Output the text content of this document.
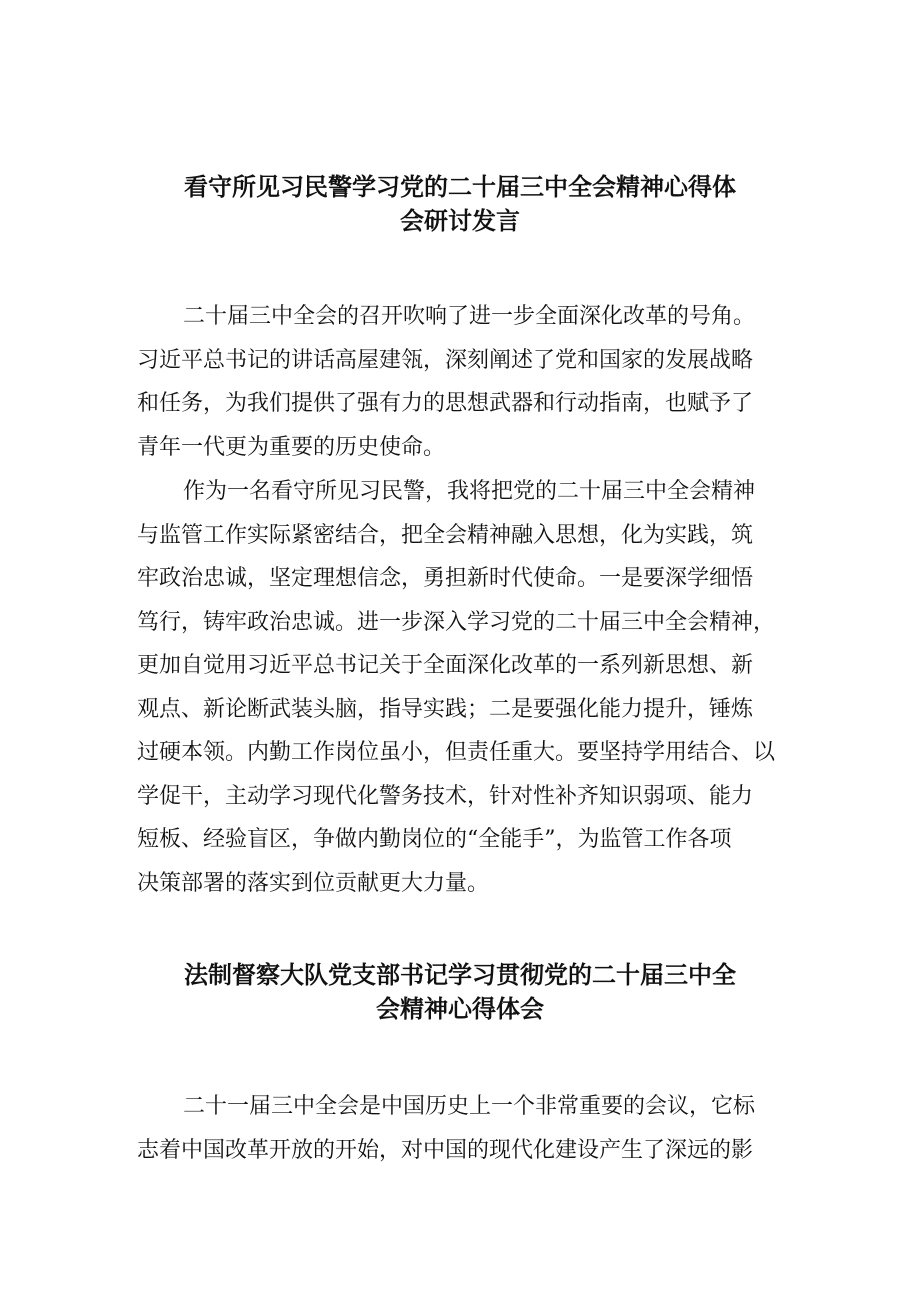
看守所见习民警学习党的二十届三中全会精神心得体
会研讨发言

二十届三中全会的召开吹响了进一步全面深化改革的号角。
习近平总书记的讲话高屋建瓴，深刻阐述了党和国家的发展战略
和任务，为我们提供了强有力的思想武器和行动指南，也赋予了
青年一代更为重要的历史使命。

作为一名看守所见习民警，我将把党的二十届三中全会精神
与监管工作实际紧密结合，把全会精神融入思想，化为实践，筑
牢政治忠诚，坚定理想信念，勇担新时代使命。一是要深学细悟
笃行，铸牢政治忠诚。进一步深入学习党的二十届三中全会精神，
更加自觉用习近平总书记关于全面深化改革的一系列新思想、新
观点、新论断武装头脑，指导实践；二是要强化能力提升，锤炼
过硬本领。内勤工作岗位虽小，但责任重大。要坚持学用结合、以
学促干，主动学习现代化警务技术，针对性补齐知识弱项、能力
短板、经验盲区，争做内勤岗位的“全能手”，为监管工作各项
决策部署的落实到位贡献更大力量。

法制督察大队党支部书记学习贯彻党的二十届三中全
会精神心得体会

二十一届三中全会是中国历史上一个非常重要的会议，它标
志着中国改革开放的开始，对中国的现代化建设产生了深远的影
